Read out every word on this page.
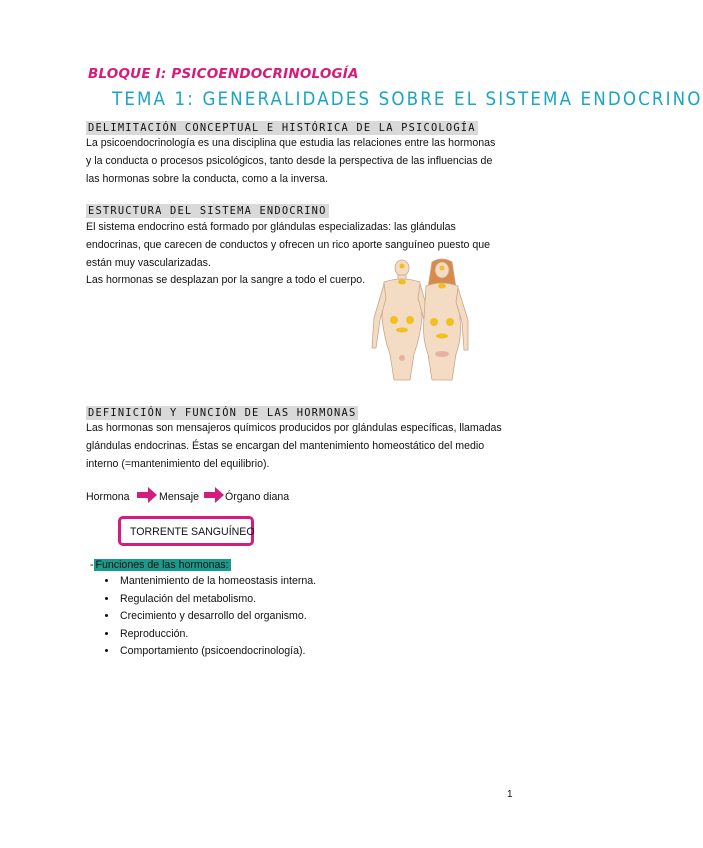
BLOQUE I: PSICOENDOCRINOLOGÍA
TEMA 1: GENERALIDADES SOBRE EL SISTEMA ENDOCRINO
DELIMITACIÓN CONCEPTUAL E HISTÓRICA DE LA PSICOLOGÍA
La psicoendocrinología es una disciplina que estudia las relaciones entre las hormonas
y la conducta o procesos psicológicos, tanto desde la perspectiva de las influencias de
las hormonas sobre la conducta, como a la inversa.
ESTRUCTURA DEL SISTEMA ENDOCRINO
El sistema endocrino está formado por glándulas especializadas: las glándulas
endocrinas, que carecen de conductos y ofrecen un rico aporte sanguíneo puesto que
están muy vascularizadas.
Las hormonas se desplazan por la sangre a todo el cuerpo.
DEFINICIÓN Y FUNCIÓN DE LAS HORMONAS
Las hormonas son mensajeros químicos producidos por glándulas específicas, llamadas
glándulas endocrinas. Éstas se encargan del mantenimiento homeostático del medio
interno (=mantenimiento del equilibrio).
Hormona	Mensaje Órgano diana
TORRENTE SANGUÍNEO
- Funciones de las hormonas:
• Mantenimiento de la homeostasis interna.
• Regulación del metabolismo.
• Crecimiento y desarrollo del organismo.
• Reproducción.
• Comportamiento (psicoendocrinología).
1
